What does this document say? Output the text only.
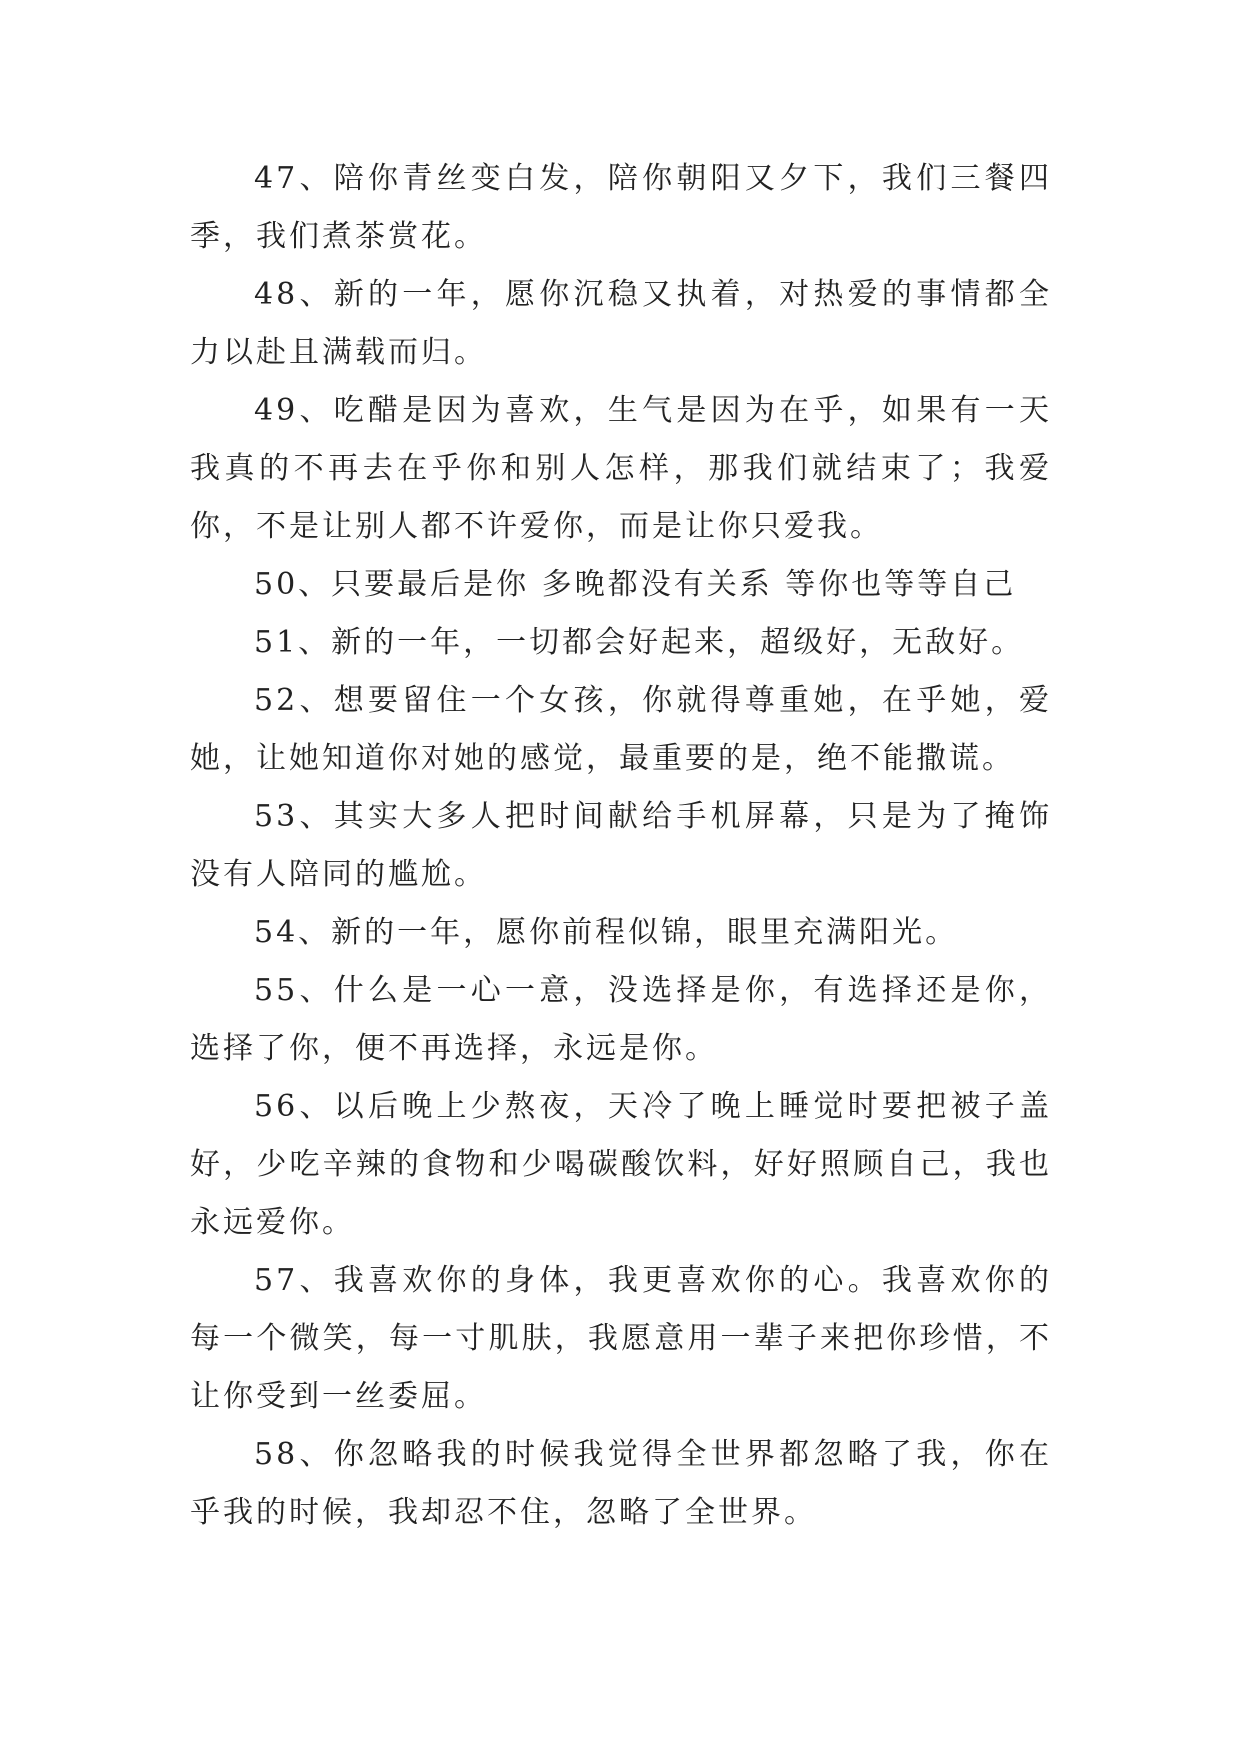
47、陪你青丝变白发，陪你朝阳又夕下，我们三餐四季，我们煮茶赏花。

48、新的一年，愿你沉稳又执着，对热爱的事情都全力以赴且满载而归。

49、吃醋是因为喜欢，生气是因为在乎，如果有一天我真的不再去在乎你和别人怎样，那我们就结束了；我爱你，不是让别人都不许爱你，而是让你只爱我。

50、只要最后是你 多晚都没有关系 等你也等等自己

51、新的一年，一切都会好起来，超级好，无敌好。

52、想要留住一个女孩，你就得尊重她，在乎她，爱她，让她知道你对她的感觉，最重要的是，绝不能撒谎。

53、其实大多人把时间献给手机屏幕，只是为了掩饰没有人陪同的尴尬。

54、新的一年，愿你前程似锦，眼里充满阳光。

55、什么是一心一意，没选择是你，有选择还是你，选择了你，便不再选择，永远是你。

56、以后晚上少熬夜，天冷了晚上睡觉时要把被子盖好，少吃辛辣的食物和少喝碳酸饮料，好好照顾自己，我也永远爱你。

57、我喜欢你的身体，我更喜欢你的心。我喜欢你的每一个微笑，每一寸肌肤，我愿意用一辈子来把你珍惜，不让你受到一丝委屈。

58、你忽略我的时候我觉得全世界都忽略了我，你在乎我的时候，我却忍不住，忽略了全世界。
